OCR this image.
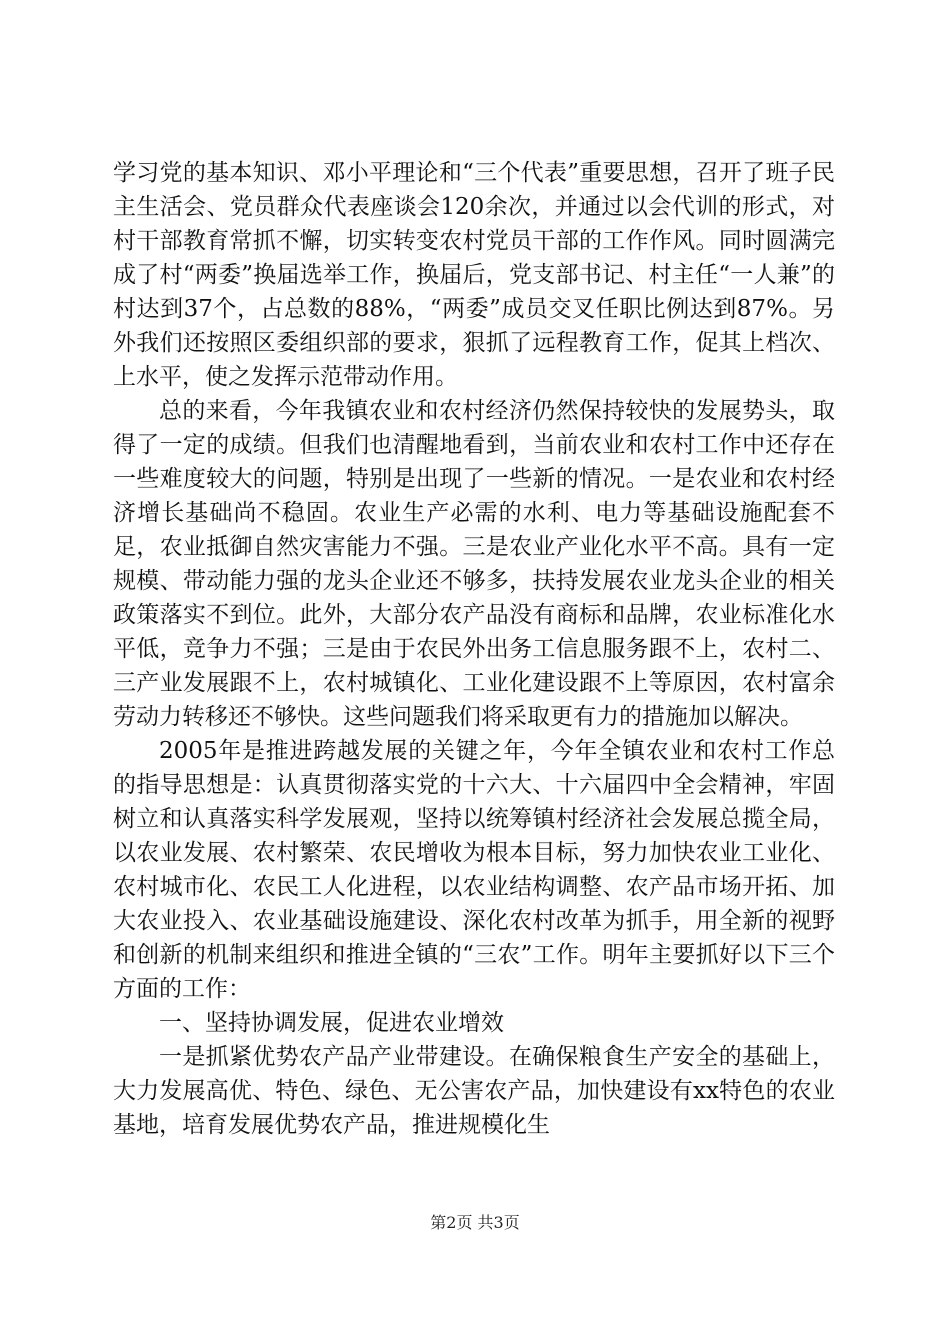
学习党的基本知识、邓小平理论和“三个代表”重要思想，召开了班子民主生活会、党员群众代表座谈会120余次，并通过以会代训的形式，对村干部教育常抓不懈，切实转变农村党员干部的工作作风。同时圆满完成了村“两委”换届选举工作，换届后，党支部书记、村主任“一人兼”的村达到37个，占总数的88%，“两委”成员交叉任职比例达到87%。另外我们还按照区委组织部的要求，狠抓了远程教育工作，促其上档次、上水平，使之发挥示范带动作用。

总的来看，今年我镇农业和农村经济仍然保持较快的发展势头，取得了一定的成绩。但我们也清醒地看到，当前农业和农村工作中还存在一些难度较大的问题，特别是出现了一些新的情况。一是农业和农村经济增长基础尚不稳固。农业生产必需的水利、电力等基础设施配套不足，农业抵御自然灾害能力不强。三是农业产业化水平不高。具有一定规模、带动能力强的龙头企业还不够多，扶持发展农业龙头企业的相关政策落实不到位。此外，大部分农产品没有商标和品牌，农业标准化水平低，竞争力不强；三是由于农民外出务工信息服务跟不上，农村二、三产业发展跟不上，农村城镇化、工业化建设跟不上等原因，农村富余劳动力转移还不够快。这些问题我们将采取更有力的措施加以解决。

2005年是推进跨越发展的关键之年，今年全镇农业和农村工作总的指导思想是：认真贯彻落实党的十六大、十六届四中全会精神，牢固树立和认真落实科学发展观，坚持以统筹镇村经济社会发展总揽全局，以农业发展、农村繁荣、农民增收为根本目标，努力加快农业工业化、农村城市化、农民工人化进程，以农业结构调整、农产品市场开拓、加大农业投入、农业基础设施建设、深化农村改革为抓手，用全新的视野和创新的机制来组织和推进全镇的“三农”工作。明年主要抓好以下三个方面的工作：

一、坚持协调发展，促进农业增效

一是抓紧优势农产品产业带建设。在确保粮食生产安全的基础上，大力发展高优、特色、绿色、无公害农产品，加快建设有xx特色的农业基地，培育发展优势农产品，推进规模化生

第2页 共3页
